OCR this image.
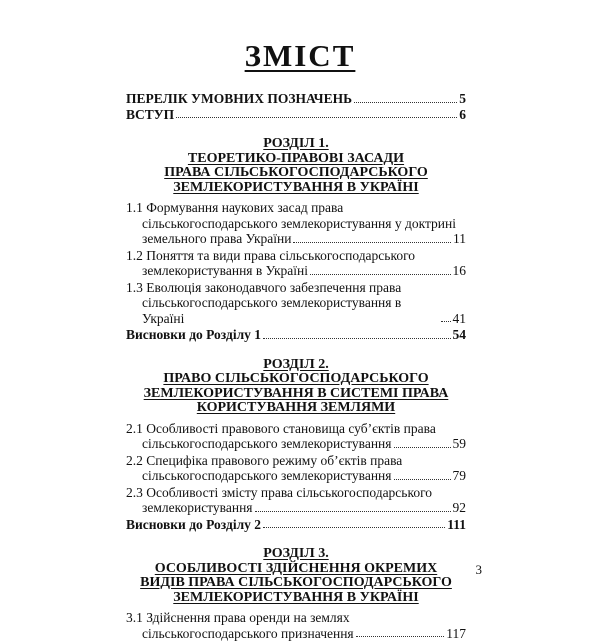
ЗМІСТ
ПЕРЕЛІК УМОВНИХ ПОЗНАЧЕНЬ	5
ВСТУП	6
РОЗДІЛ 1.
ТЕОРЕТИКО-ПРАВОВІ ЗАСАДИ
ПРАВА СІЛЬСЬКОГОСПОДАРСЬКОГО
ЗЕМЛЕКОРИСТУВАННЯ В УКРАЇНІ
1.1 Формування наукових засад права
сільськогосподарського землекористування у доктрині
земельного права України	11
1.2 Поняття та види права сільськогосподарського
землекористування в Україні	16
1.3 Еволюція законодавчого забезпечення права
сільськогосподарського землекористування в Україні	41
Висновки до Розділу 1	54
РОЗДІЛ 2.
ПРАВО СІЛЬСЬКОГОСПОДАРСЬКОГО
ЗЕМЛЕКОРИСТУВАННЯ В СИСТЕМІ ПРАВА
КОРИСТУВАННЯ ЗЕМЛЯМИ
2.1 Особливості правового становища суб’єктів права
сільськогосподарського землекористування	59
2.2 Специфіка правового режиму об’єктів права
сільськогосподарського землекористування	79
2.3 Особливості змісту права сільськогосподарського
землекористування	92
Висновки до Розділу 2	111
РОЗДІЛ 3.
ОСОБЛИВОСТІ ЗДІЙСНЕННЯ ОКРЕМИХ
ВИДІВ ПРАВА СІЛЬСЬКОГОСПОДАРСЬКОГО
ЗЕМЛЕКОРИСТУВАННЯ В УКРАЇНІ
3.1 Здійснення права оренди на землях
сільськогосподарського призначення	117
3
